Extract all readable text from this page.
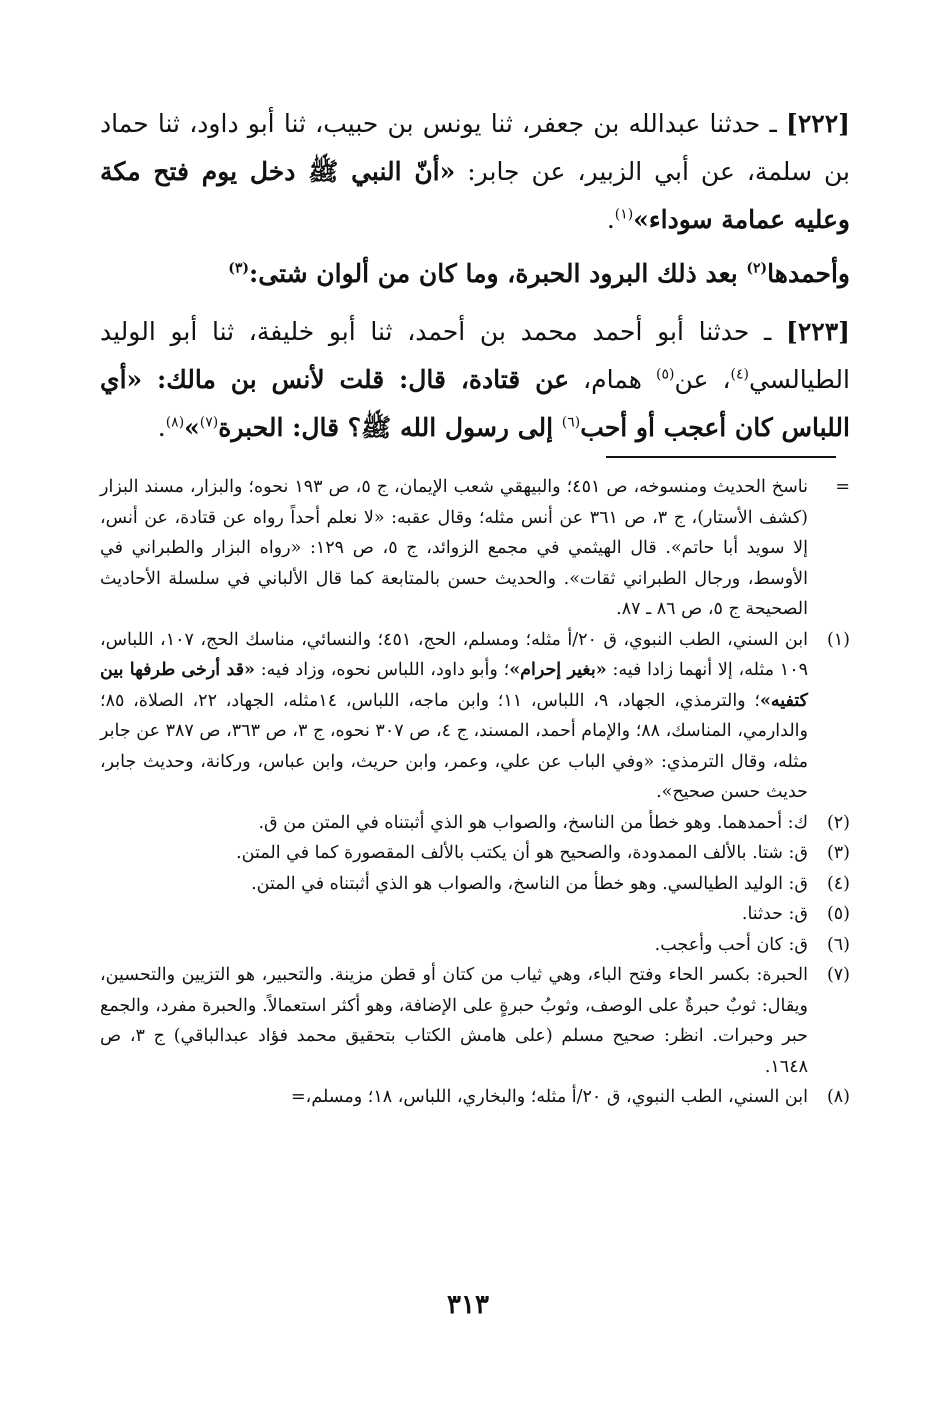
[٢٢٢] ـ حدثنا عبدالله بن جعفر، ثنا يونس بن حبيب، ثنا أبو داود، ثنا حماد بن سلمة، عن أبي الزبير، عن جابر: «أنّ النبي ﷺ دخل يوم فتح مكة وعليه عمامة سوداء»$^{(١)}$.

وأحمدها$^{(٢)}$ بعد ذلك البرود الحبرة، وما كان من ألوان شتى:$^{(٣)}$

[٢٢٣] ـ حدثنا أبو أحمد محمد بن أحمد، ثنا أبو خليفة، ثنا أبو الوليد الطيالسي$^{(٤)}$، عن$^{(٥)}$ همام، عن قتادة، قال: قلت لأنس بن مالك: «أي اللباس كان أعجب أو أحب$^{(٦)}$ إلى رسول الله ﷺ؟ قال: الحبرة$^{(٧)}$»$^{(٨)}$.

=
ناسخ الحديث ومنسوخه، ص ٤٥١؛ والبيهقي شعب الإيمان، ج ٥، ص ١٩٣ نحوه؛ والبزار، مسند البزار (كشف الأستار)، ج ٣، ص ٣٦١ عن أنس مثله؛ وقال عقبه: «لا نعلم أحداً رواه عن قتادة، عن أنس، إلا سويد أبا حاتم». قال الهيثمي في مجمع الزوائد، ج ٥، ص ١٢٩: «رواه البزار والطبراني في الأوسط، ورجال الطبراني ثقات». والحديث حسن بالمتابعة كما قال الألباني في سلسلة الأحاديث الصحيحة ج ٥، ص ٨٦ ـ ٨٧.
(١)
ابن السني، الطب النبوي، ق ٢٠/أ مثله؛ ومسلم، الحج، ٤٥١؛ والنسائي، مناسك الحج، ١٠٧، اللباس، ١٠٩ مثله، إلا أنهما زادا فيه: «بغير إحرام»؛ وأبو داود، اللباس نحوه، وزاد فيه: «قد أرخى طرفها بين كتفيه»؛ والترمذي، الجهاد، ٩، اللباس، ١١؛ وابن ماجه، اللباس، ١٤مثله، الجهاد، ٢٢، الصلاة، ٨٥؛ والدارمي، المناسك، ٨٨؛ والإمام أحمد، المسند، ج ٤، ص ٣٠٧ نحوه، ج ٣، ص ٣٦٣، ص ٣٨٧ عن جابر مثله، وقال الترمذي: «وفي الباب عن علي، وعمر، وابن حريث، وابن عباس، وركانة، وحديث جابر، حديث حسن صحيح».
(٢)
ك: أحمدهما. وهو خطأ من الناسخ، والصواب هو الذي أثبتناه في المتن من ق.
(٣)
ق: شتا. بالألف الممدودة، والصحيح هو أن يكتب بالألف المقصورة كما في المتن.
(٤)
ق: الوليد الطيالسي. وهو خطأ من الناسخ، والصواب هو الذي أثبتناه في المتن.
(٥)
ق: حدثنا.
(٦)
ق: كان أحب وأعجب.
(٧)
الحبرة: بكسر الحاء وفتح الباء، وهي ثياب من كتان أو قطن مزينة. والتحبير، هو التزيين والتحسين، ويقال: ثوبٌ حبرةٌ على الوصف، وثوبُ حبرةٍ على الإضافة، وهو أكثر استعمالاً. والحبرة مفرد، والجمع حبر وحبرات. انظر: صحيح مسلم (على هامش الكتاب بتحقيق محمد فؤاد عبدالباقي) ج ٣، ص ١٦٤٨.
(٨)
ابن السني، الطب النبوي، ق ٢٠/أ مثله؛ والبخاري، اللباس، ١٨؛ ومسلم،=
٣١٣
